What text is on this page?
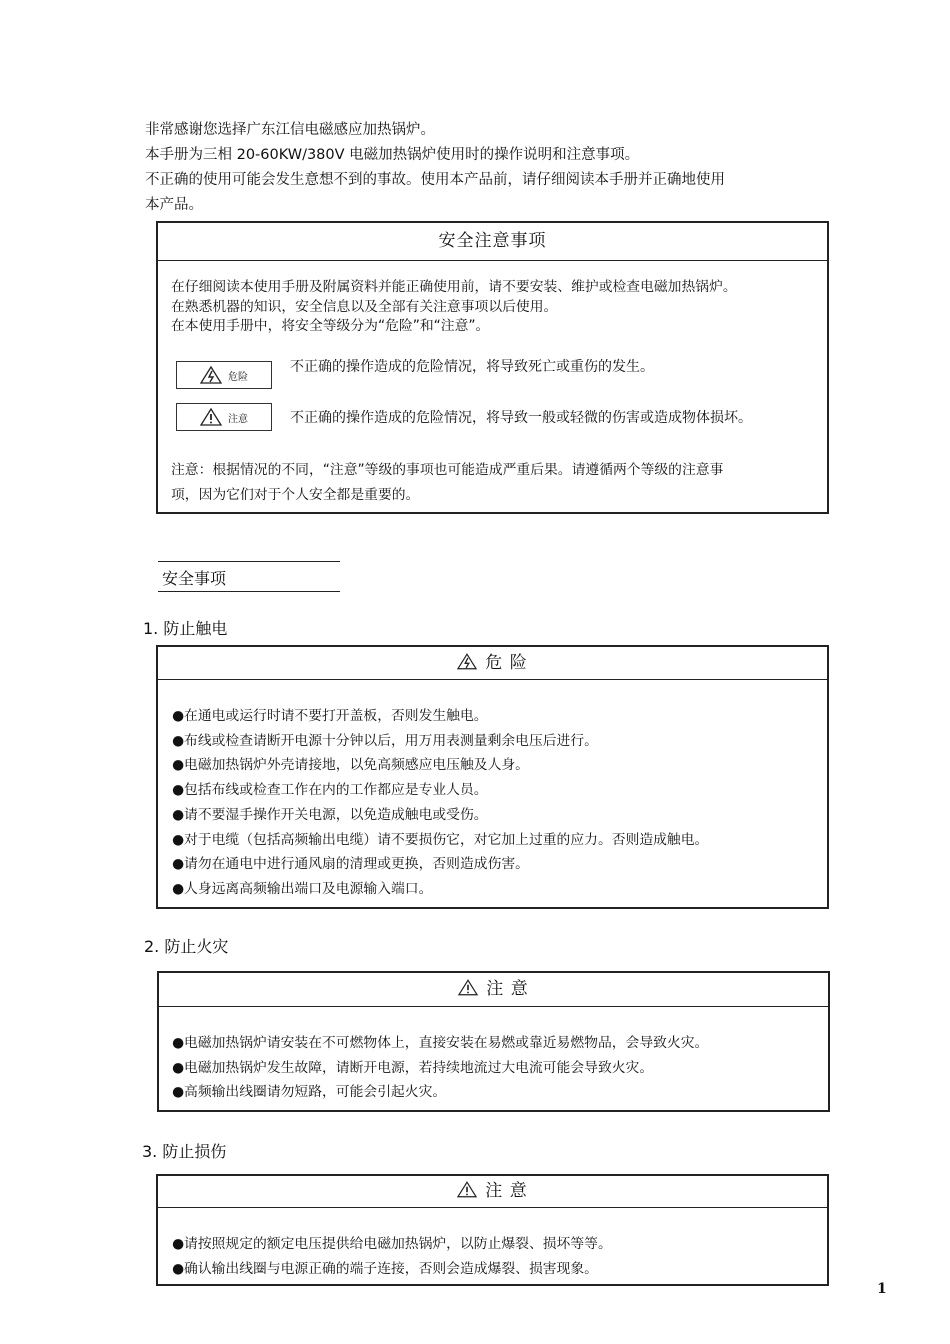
非常感谢您选择广东江信电磁感应加热锅炉。
本手册为三相 20-60KW/380V 电磁加热锅炉使用时的操作说明和注意事项。
不正确的使用可能会发生意想不到的事故。使用本产品前，请仔细阅读本手册并正确地使用
本产品。
安全注意事项
在仔细阅读本使用手册及附属资料并能正确使用前，请不要安装、维护或检查电磁加热锅炉。
在熟悉机器的知识，安全信息以及全部有关注意事项以后使用。
在本使用手册中，将安全等级分为“危险”和“注意”。
危险
不正确的操作造成的危险情况，将导致死亡或重伤的发生。
注意	不正确的操作造成的危险情况，将导致一般或轻微的伤害或造成物体损坏。
注意：根据情况的不同，“注意”等级的事项也可能造成严重后果。请遵循两个等级的注意事
项，因为它们对于个人安全都是重要的。
安全事项
1. 防止触电
危 险
●在通电或运行时请不要打开盖板，否则发生触电。
●布线或检查请断开电源十分钟以后，用万用表测量剩余电压后进行。
●电磁加热锅炉外壳请接地，以免高频感应电压触及人身。
●包括布线或检查工作在内的工作都应是专业人员。
●请不要湿手操作开关电源，以免造成触电或受伤。
●对于电缆（包括高频输出电缆）请不要损伤它，对它加上过重的应力。否则造成触电。
●请勿在通电中进行通风扇的清理或更换，否则造成伤害。
●人身远离高频输出端口及电源输入端口。
2. 防止火灾
注 意
●电磁加热锅炉请安装在不可燃物体上，直接安装在易燃或靠近易燃物品，会导致火灾。
●电磁加热锅炉发生故障，请断开电源，若持续地流过大电流可能会导致火灾。
●高频输出线圈请勿短路，可能会引起火灾。
3. 防止损伤
注 意
●请按照规定的额定电压提供给电磁加热锅炉，以防止爆裂、损坏等等。
●确认输出线圈与电源正确的端子连接，否则会造成爆裂、损害现象。
1
